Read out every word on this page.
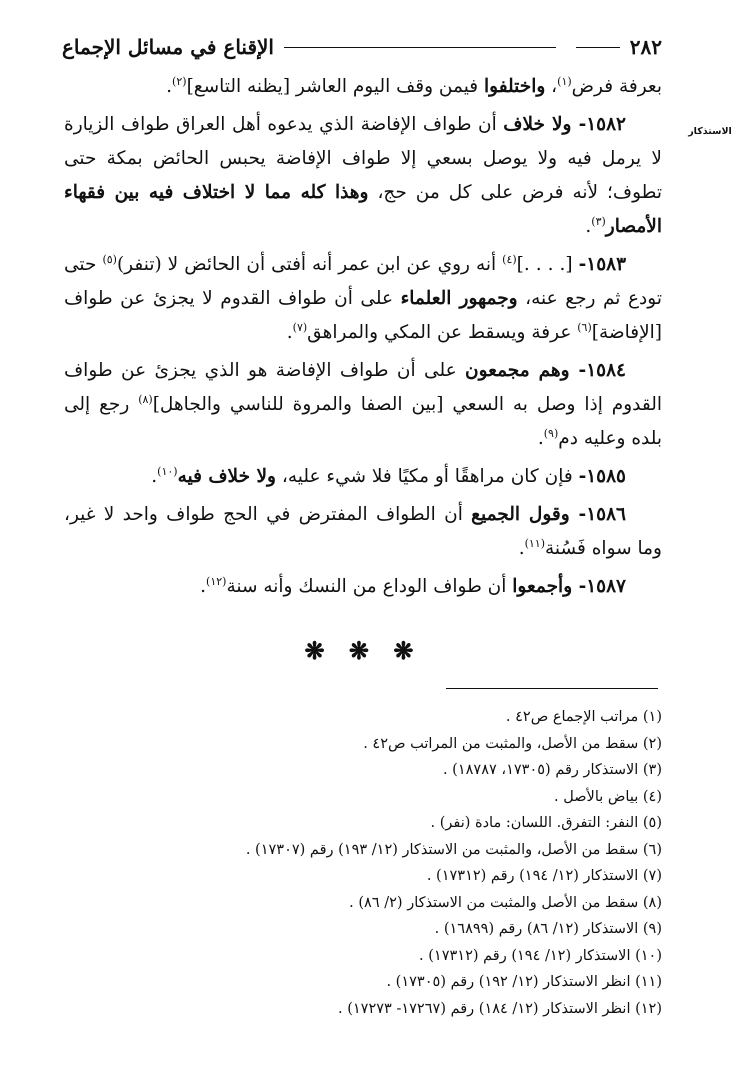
٢٨٢
الإقناع في مسائل الإجماع
الاستذكار

بعرفة فرض$^{(١)}$، واختلفوا فيمن وقف اليوم العاشر [يظنه التاسع]$^{(٢)}$.

١٥٨٢- ولا خلاف أن طواف الإفاضة الذي يدعوه أهل العراق طواف الزيارة لا يرمل فيه ولا يوصل بسعي إلا طواف الإفاضة يحبس الحائض بمكة حتى تطوف؛ لأنه فرض على كل من حج، وهذا كله مما لا اختلاف فيه بين فقهاء الأمصار$^{(٣)}$.

١٥٨٣- [. . . .]$^{(٤)}$ أنه روي عن ابن عمر أنه أفتى أن الحائض لا (تنفر)$^{(٥)}$ حتى تودع ثم رجع عنه، وجمهور العلماء على أن طواف القدوم لا يجزئ عن طواف [الإفاضة]$^{(٦)}$ عرفة ويسقط عن المكي والمراهق$^{(٧)}$.

١٥٨٤- وهم مجمعون على أن طواف الإفاضة هو الذي يجزئ عن طواف القدوم إذا وصل به السعي [بين الصفا والمروة للناسي والجاهل]$^{(٨)}$ رجع إلى بلده وعليه دم$^{(٩)}$.

١٥٨٥- فإن كان مراهقًا أو مكيًا فلا شيء عليه، ولا خلاف فيه$^{(١٠)}$.

١٥٨٦- وقول الجميع أن الطواف المفترض في الحج طواف واحد لا غير، وما سواه فَسُنة$^{(١١)}$.

١٥٨٧- وأجمعوا أن طواف الوداع من النسك وأنه سنة$^{(١٢)}$.

❋ ❋ ❋
(١) مراتب الإجماع ص٤٢ .
(٢) سقط من الأصل، والمثبت من المراتب ص٤٢ .
(٣) الاستذكار رقم (١٧٣٠٥، ١٨٧٨٧) .
(٤) بياض بالأصل .
(٥) النفر: التفرق. اللسان: مادة (نفر) .
(٦) سقط من الأصل، والمثبت من الاستذكار (١٢/ ١٩٣) رقم (١٧٣٠٧) .
(٧) الاستذكار (١٢/ ١٩٤) رقم (١٧٣١٢) .
(٨) سقط من الأصل والمثبت من الاستذكار (٢/ ٨٦) .
(٩) الاستذكار (١٢/ ٨٦) رقم (١٦٨٩٩) .
(١٠) الاستذكار (١٢/ ١٩٤) رقم (١٧٣١٢) .
(١١) انظر الاستذكار (١٢/ ١٩٢) رقم (١٧٣٠٥) .
(١٢) انظر الاستذكار (١٢/ ١٨٤) رقم (١٧٢٦٧- ١٧٢٧٣) .
